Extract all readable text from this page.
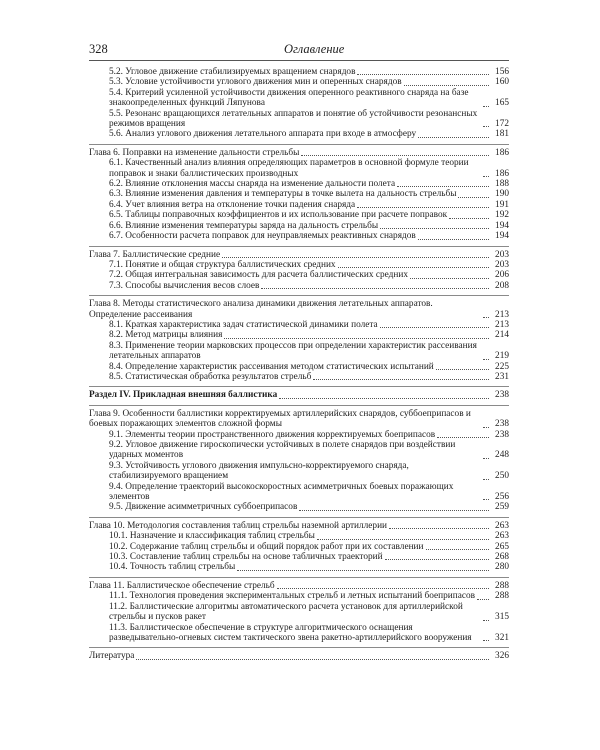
328	Оглавление
5.2. Угловое движение стабилизируемых вращением снарядов	156
5.3. Условие устойчивости углового движения мин и оперенных снарядов	160
5.4. Критерий усиленной устойчивости движения оперенного реактивного снаряда на базе знакоопределенных функций Ляпунова	165
5.5. Резонанс вращающихся летательных аппаратов и понятие об устойчивости резонансных режимов вращения	172
5.6. Анализ углового движения летательного аппарата при входе в атмосферу	181
Глава 6. Поправки на изменение дальности стрельбы	186
6.1. Качественный анализ влияния определяющих параметров в основной формуле теории поправок и знаки баллистических производных	186
6.2. Влияние отклонения массы снаряда на изменение дальности полета	188
6.3. Влияние изменения давления и температуры в точке вылета на дальность стрельбы	190
6.4. Учет влияния ветра на отклонение точки падения снаряда	191
6.5. Таблицы поправочных коэффициентов и их использование при расчете поправок	192
6.6. Влияние изменения температуры заряда на дальность стрельбы	194
6.7. Особенности расчета поправок для неуправляемых реактивных снарядов	194
Глава 7. Баллистические средние	203
7.1. Понятие и общая структура баллистических средних	203
7.2. Общая интегральная зависимость для расчета баллистических средних	206
7.3. Способы вычисления весов слоев	208
Глава 8. Методы статистического анализа динамики движения летательных аппаратов. Определение рассеивания	213
8.1. Краткая характеристика задач статистической динамики полета	213
8.2. Метод матрицы влияния	214
8.3. Применение теории марковских процессов при определении характеристик рассеивания летательных аппаратов	219
8.4. Определение характеристик рассеивания методом статистических испытаний	225
8.5. Статистическая обработка результатов стрельб	231
Раздел IV. Прикладная внешняя баллистика	238
Глава 9. Особенности баллистики корректируемых артиллерийских снарядов, суббоеприпасов и боевых поражающих элементов сложной формы	238
9.1. Элементы теории пространственного движения корректируемых боеприпасов	238
9.2. Угловое движение гироскопически устойчивых в полете снарядов при воздействии ударных моментов	248
9.3. Устойчивость углового движения импульсно-корректируемого снаряда, стабилизируемого вращением	250
9.4. Определение траекторий высокоскоростных асимметричных боевых поражающих элементов	256
9.5. Движение асимметричных суббоеприпасов	259
Глава 10. Методология составления таблиц стрельбы наземной артиллерии	263
10.1. Назначение и классификация таблиц стрельбы	263
10.2. Содержание таблиц стрельбы и общий порядок работ при их составлении	265
10.3. Составление таблиц стрельбы на основе табличных траекторий	268
10.4. Точность таблиц стрельбы	280
Глава 11. Баллистическое обеспечение стрельб	288
11.1. Технология проведения экспериментальных стрельб и летных испытаний боеприпасов	288
11.2. Баллистические алгоритмы автоматического расчета установок для артиллерийской стрельбы и пусков ракет	315
11.3. Баллистическое обеспечение в структуре алгоритмического оснащения разведывательно-огневых систем тактического звена ракетно-артиллерийского вооружения	321
Литература	326
